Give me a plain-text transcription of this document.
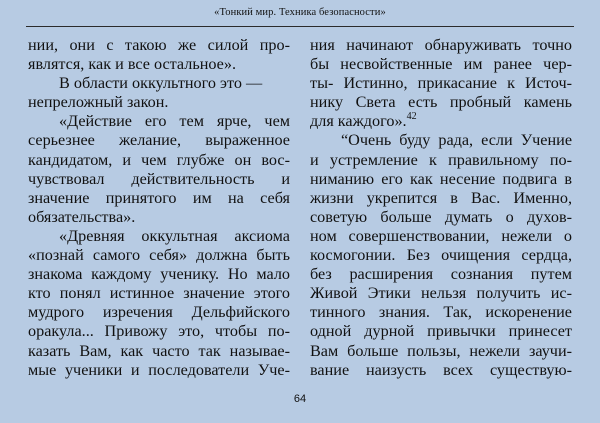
«Тонкий мир. Техника безопасности»
нии, они с такою же силой про-
являтся, как и все остальное».
В области оккультного это —
непреложный закон.
«Действие его тем ярче, чем
серьезнее желание, выраженное
кандидатом, и чем глубже он вос-
чувствовал действительность и
значение принятого им на себя
обязательства».
«Древняя оккультная аксиома
«познай самого себя» должна быть
знакома каждому ученику. Но мало
кто понял истинное значение этого
мудрого изречения Дельфийского
оракула... Привожу это, чтобы по-
казать Вам, как часто так называе-
мые ученики и последователи Уче-
ния начинают обнаруживать точно
бы несвойственные им ранее чер-
ты- Истинно, прикасание к Источ-
нику Света есть пробный камень
для каждого».$^{42}$
“Очень буду рада, если Учение
и устремление к правильному по-
ниманию его как несение подвига в
жизни укрепится в Вас. Именно,
советую больше думать о духов-
ном совершенствовании, нежели о
космогонии. Без очищения сердца,
без расширения сознания путем
Живой Этики нельзя получить ис-
тинного знания. Так, искоренение
одной дурной привычки принесет
Вам больше пользы, нежели заучи-
вание наизусть всех существую-
64
